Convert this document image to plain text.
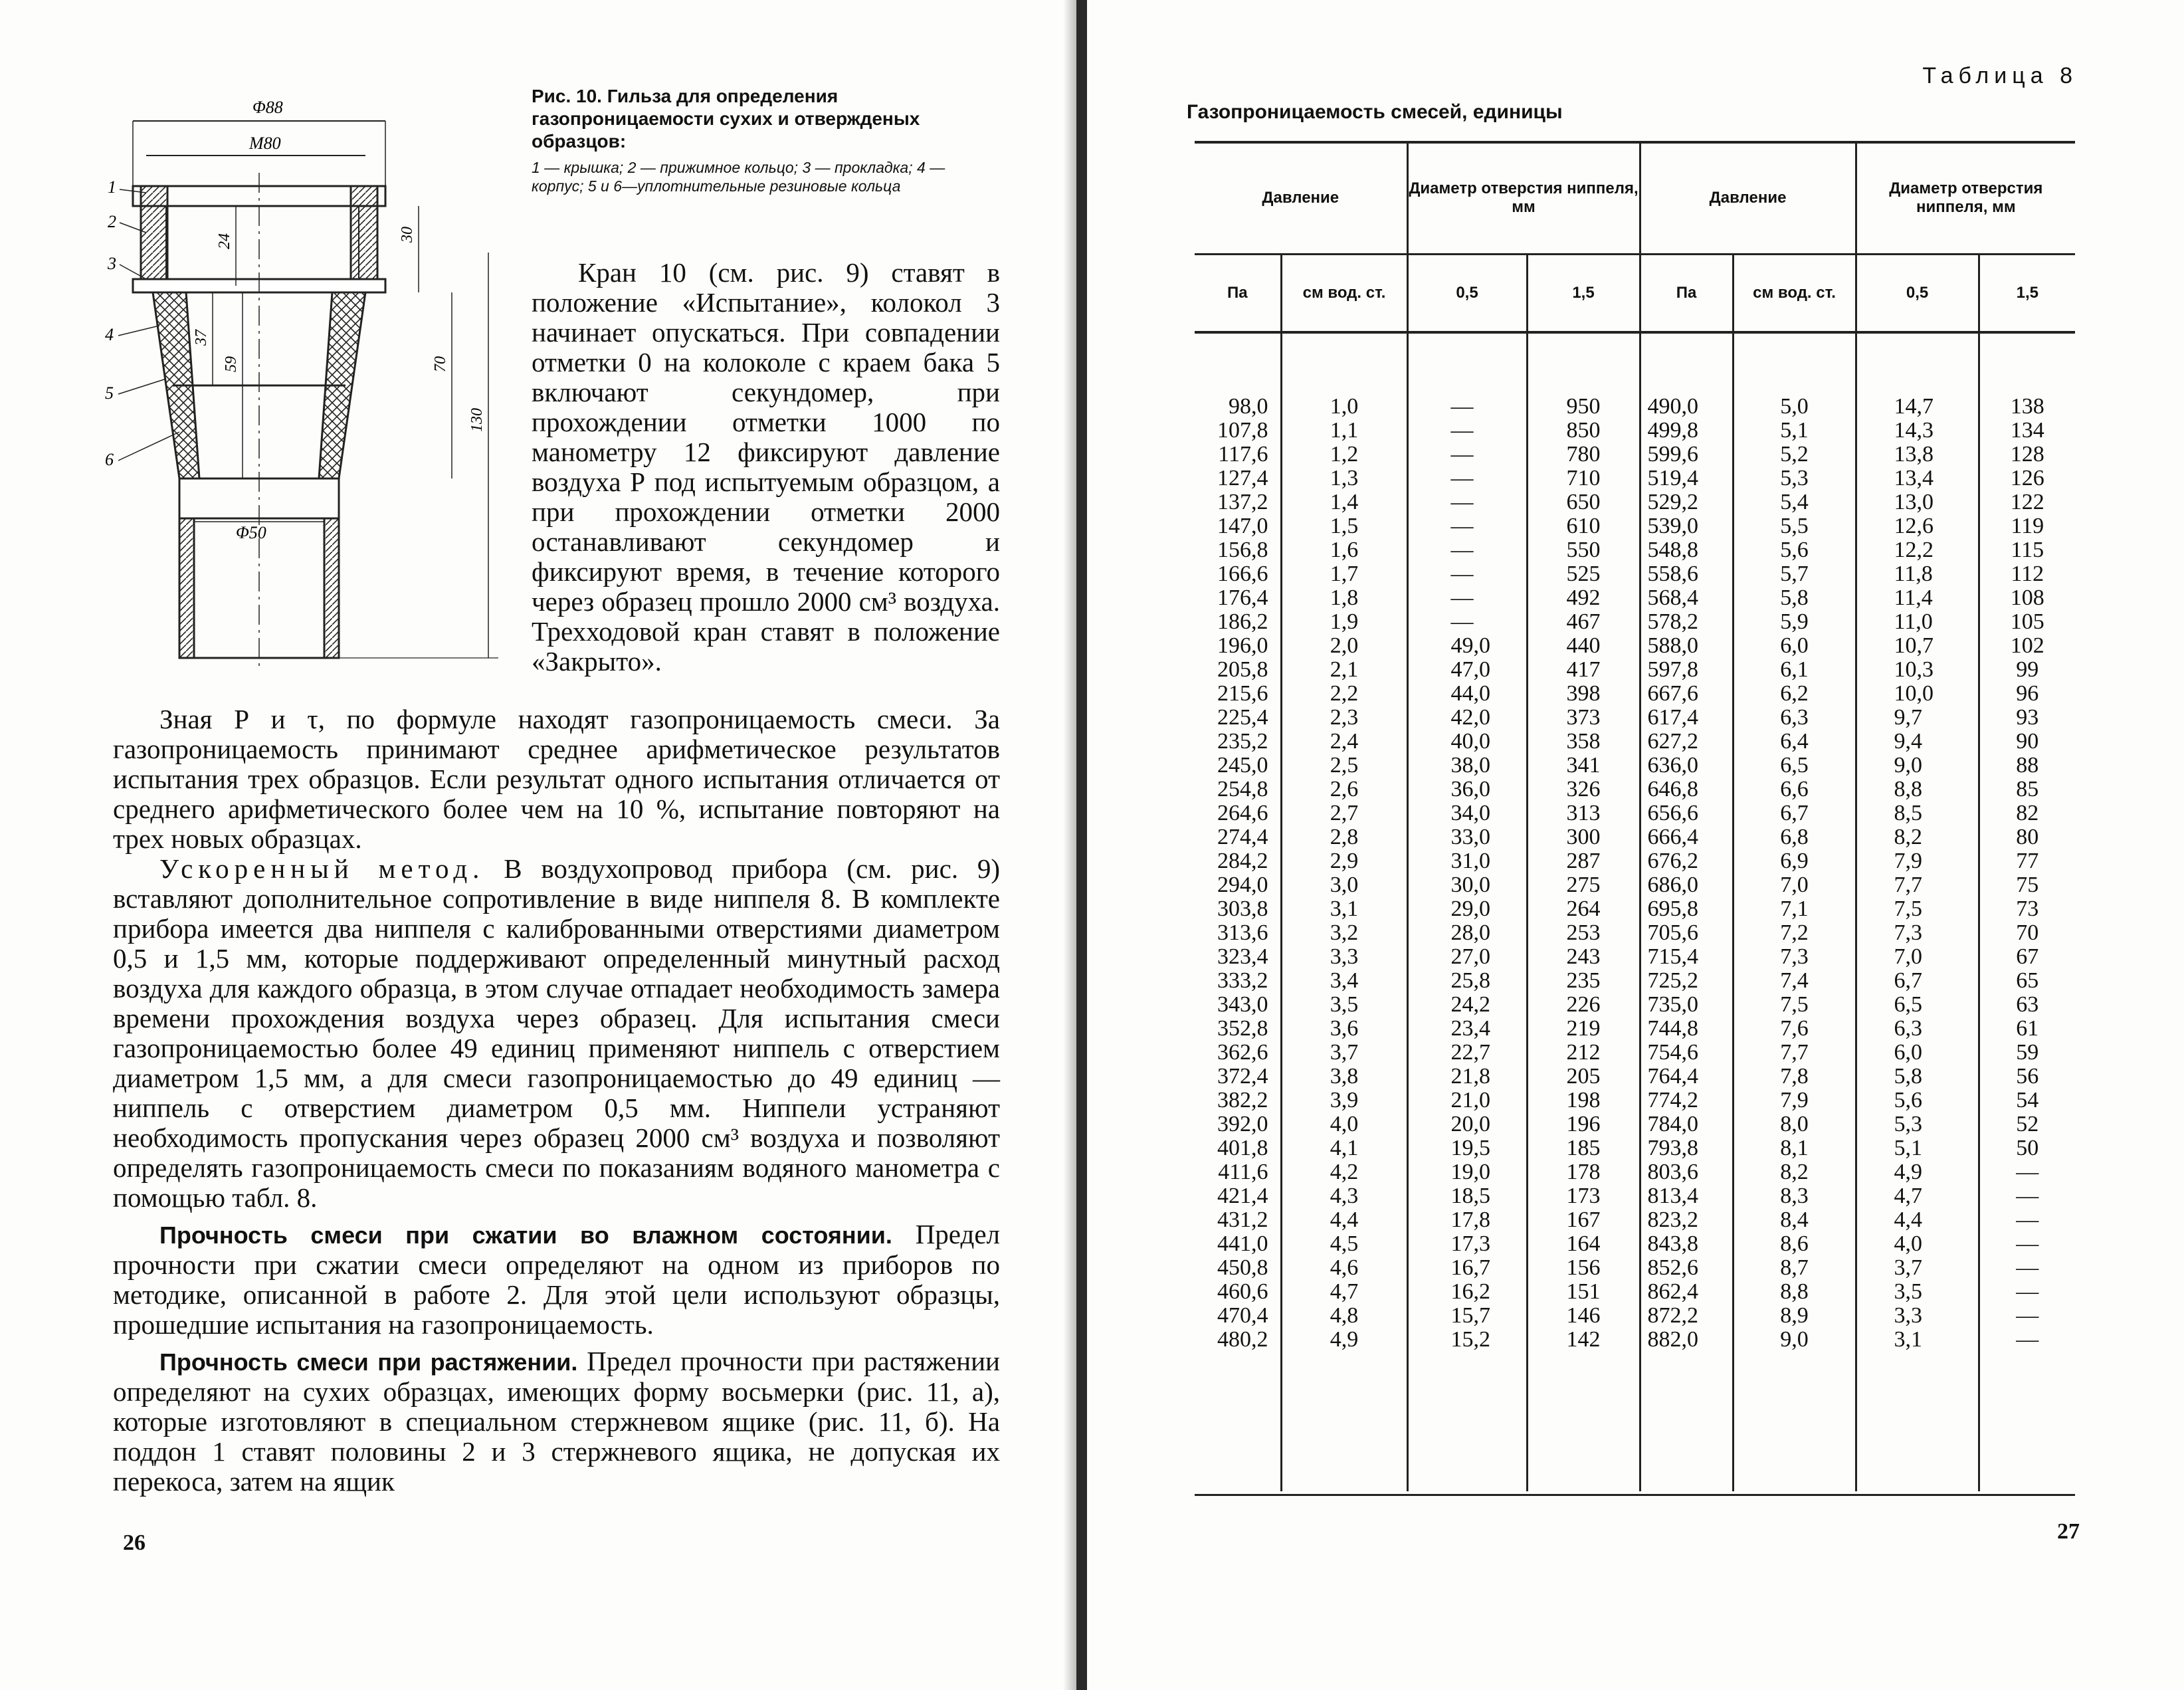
Φ88
M80
Φ50
24
37
59
30
70
130
1
2
3
4
5
6
Рис. 10. Гильза для определения газопроницаемости сухих и отвержденых образцов:
1 — крышка; 2 — прижимное кольцо; 3 — прокладка; 4 — корпус; 5 и 6—уплотнительные резиновые кольца

Кран 10 (см. рис. 9) ставят в положение «Испытание», колокол 3 начинает опускаться. При совпадении отметки 0 на колоколе с краем бака 5 включают секундомер, при прохождении отметки 1000 по манометру 12 фиксируют давление воздуха Р под испытуемым образцом, а при прохождении отметки 2000 останавливают секундомер и фиксируют время, в течение которого через образец прошло 2000 см³ воздуха. Трехходовой кран ставят в положение «Закрыто».

Зная Р и τ, по формуле находят газопроницаемость смеси. За газопроницаемость принимают среднее арифметическое результатов испытания трех образцов. Если результат одного испытания отличается от среднего арифметического более чем на 10 %, испытание повторяют на трех новых образцах.

Ускоренный метод. В воздухопровод прибора (см. рис. 9) вставляют дополнительное сопротивление в виде ниппеля 8. В комплекте прибора имеется два ниппеля с калиброванными отверстиями диаметром 0,5 и 1,5 мм, которые поддерживают определенный минутный расход воздуха для каждого образца, в этом случае отпадает необходимость замера времени прохождения воздуха через образец. Для испытания смеси газопроницаемостью более 49 единиц применяют ниппель с отверстием диаметром 1,5 мм, а для смеси газопроницаемостью до 49 единиц — ниппель с отверстием диаметром 0,5 мм. Ниппели устраняют необходимость пропускания через образец 2000 см³ воздуха и позволяют определять газопроницаемость смеси по показаниям водяного манометра с помощью табл. 8.

Прочность смеси при сжатии во влажном состоянии. Предел прочности при сжатии смеси определяют на одном из приборов по методике, описанной в работе 2. Для этой цели используют образцы, прошедшие испытания на газопроницаемость.

Прочность смеси при растяжении. Предел прочности при растяжении определяют на сухих образцах, имеющих форму восьмерки (рис. 11, а), которые изготовляют в специальном стержневом ящике (рис. 11, б). На поддон 1 ставят половины 2 и 3 стержневого ящика, не допуская их перекоса, затем на ящик

26
Таблица 8
Газопроницаемость смесей, единицы
Давление		Диаметр отверстия ниппеля, мм		Давление		Диаметр отверстия ниппеля, мм	
Па	см вод. ст.	0,5	1,5	Па	см вод. ст.	0,5	1,5

98,0	1,0	—	950	490,0	5,0	14,7	138
107,8	1,1	—	850	499,8	5,1	14,3	134
117,6	1,2	—	780	599,6	5,2	13,8	128
127,4	1,3	—	710	519,4	5,3	13,4	126
137,2	1,4	—	650	529,2	5,4	13,0	122
147,0	1,5	—	610	539,0	5,5	12,6	119
156,8	1,6	—	550	548,8	5,6	12,2	115
166,6	1,7	—	525	558,6	5,7	11,8	112
176,4	1,8	—	492	568,4	5,8	11,4	108
186,2	1,9	—	467	578,2	5,9	11,0	105
196,0	2,0	49,0	440	588,0	6,0	10,7	102
205,8	2,1	47,0	417	597,8	6,1	10,3	99
215,6	2,2	44,0	398	667,6	6,2	10,0	96
225,4	2,3	42,0	373	617,4	6,3	9,7	93
235,2	2,4	40,0	358	627,2	6,4	9,4	90
245,0	2,5	38,0	341	636,0	6,5	9,0	88
254,8	2,6	36,0	326	646,8	6,6	8,8	85
264,6	2,7	34,0	313	656,6	6,7	8,5	82
274,4	2,8	33,0	300	666,4	6,8	8,2	80
284,2	2,9	31,0	287	676,2	6,9	7,9	77
294,0	3,0	30,0	275	686,0	7,0	7,7	75
303,8	3,1	29,0	264	695,8	7,1	7,5	73
313,6	3,2	28,0	253	705,6	7,2	7,3	70
323,4	3,3	27,0	243	715,4	7,3	7,0	67
333,2	3,4	25,8	235	725,2	7,4	6,7	65
343,0	3,5	24,2	226	735,0	7,5	6,5	63
352,8	3,6	23,4	219	744,8	7,6	6,3	61
362,6	3,7	22,7	212	754,6	7,7	6,0	59
372,4	3,8	21,8	205	764,4	7,8	5,8	56
382,2	3,9	21,0	198	774,2	7,9	5,6	54
392,0	4,0	20,0	196	784,0	8,0	5,3	52
401,8	4,1	19,5	185	793,8	8,1	5,1	50
411,6	4,2	19,0	178	803,6	8,2	4,9	—
421,4	4,3	18,5	173	813,4	8,3	4,7	—
431,2	4,4	17,8	167	823,2	8,4	4,4	—
441,0	4,5	17,3	164	843,8	8,6	4,0	—
450,8	4,6	16,7	156	852,6	8,7	3,7	—
460,6	4,7	16,2	151	862,4	8,8	3,5	—
470,4	4,8	15,7	146	872,2	8,9	3,3	—
480,2	4,9	15,2	142	882,0	9,0	3,1	—

27
